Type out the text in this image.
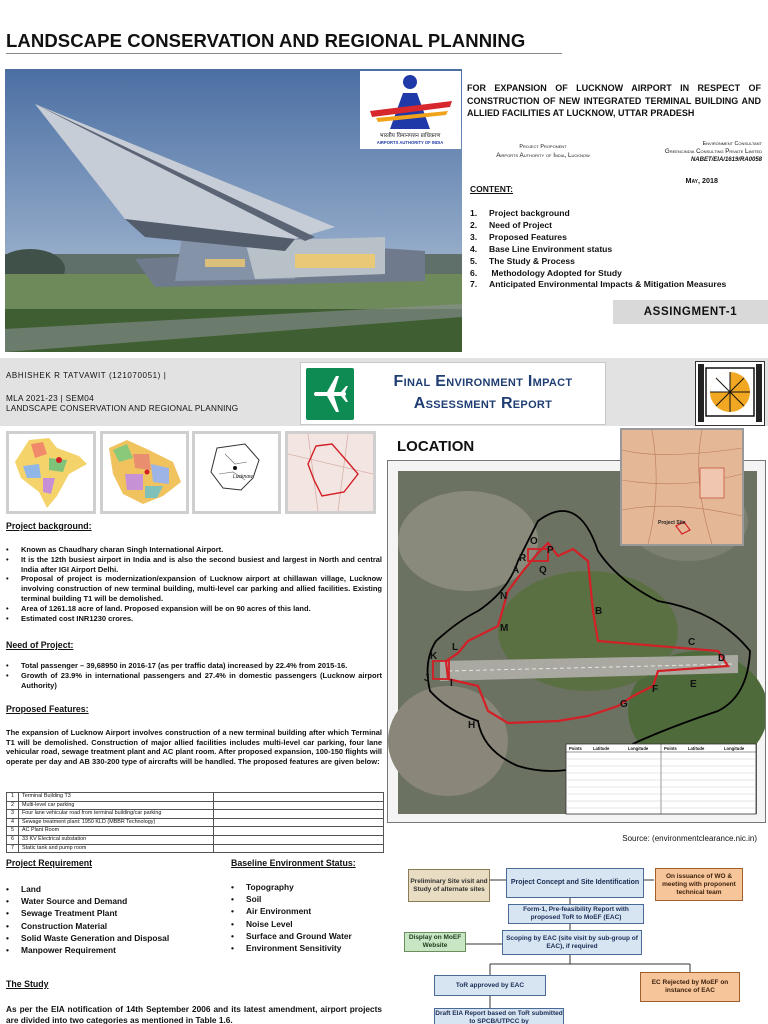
LANDSCAPE CONSERVATION AND REGIONAL PLANNING
भारतीय विमानपत्तन प्राधिकरण
AIRPORTS AUTHORITY OF INDIA
FOR EXPANSION OF LUCKNOW AIRPORT IN RESPECT OF CONSTRUCTION OF NEW INTEGRATED TERMINAL BUILDING AND ALLIED FACILITIES AT LUCKNOW, UTTAR PRADESH
Project Proponent
Airports Authority of India, Lucknow
Environment Consultant
Greencindia Consulting Private Limited
NABET/EIA/1619/RA0058
May, 2018
CONTENT:
1. Project background
2. Need of Project
3. Proposed Features
4. Base Line Environment status
5. The Study & Process
6. Methodology Adopted for Study
7. Anticipated Environmental Impacts & Mitigation Measures
ASSINGMENT-1
ABHISHEK R TATVAWIT (121070051) |
MLA 2021-23 | SEM04
LANDSCAPE CONSERVATION AND REGIONAL PLANNING
Final Environment Impact
Assessment Report
Lucknow
Project background:
• Known as Chaudhary charan Singh International Airport.
• It is the 12th busiest airport in India and is also the second busiest and largest in North and central India after IGI Airport Delhi.
• Proposal of project is modernization/expansion of Lucknow airport at chillawan village, Lucknow involving construction of new terminal building, multi-level car parking and allied facilities. Existing terminal building T1 will be demolished.
• Area of 1261.18 acre of land. Proposed expansion will be on 90 acres of this land.
• Estimated cost INR1230 crores.
Need of Project:
• Total passenger – 39,68950 in 2016-17 (as per traffic data) increased by 22.4% from 2015-16.
• Growth of 23.9% in international passengers and 27.4% in domestic passengers (Lucknow airport Authority)
Proposed Features:
The expansion of Lucknow Airport involves construction of a new terminal building after which Terminal T1 will be demolished. Construction of major allied facilities includes multi-level car parking, four lane vehicular road, sewage treatment plant and AC plant room. After proposed expansion, 100-150 flights will operate per day and AB 330-200 type of aircrafts will be handled. The proposed features are given below:
1	Terminal Building T3	
2	Multi-level car parking	
3	Four lane vehicular road from terminal building/car parking	
4	Sewage treatment plant: 1950 KLD (MBBR Technology)	
5	AC Plant Room	
6	33 KV Electrical substation	
7	Static tank and pump room	
Project Requirement
• Land
• Water Source and Demand
• Sewage Treatment Plant
• Construction Material
• Solid Waste Generation and Disposal
• Manpower Requirement
Baseline Environment Status:
• Topography
• Soil
• Air Environment
• Noise Level
• Surface and Ground Water
• Environment Sensitivity
The Study
As per the EIA notification of 14th September 2006 and its latest amendment, airport projects are divided into two categories as mentioned in Table 1.6.
LOCATION
O
P
R
A Q
N
B
M
L
K
J I
C
D
E
F
G
H
Points	Latitude	Longitude	Points	Latitude	Longitude
Project Site
Source: (environmentclearance.nic.in)
Preliminary Site visit and Study of alternate sites
Project Concept and Site Identification
On issuance of WO & meeting with proponent technical team
Form-1, Pre-feasibility Report with proposed ToR to MoEF (EAC)
Display on MoEF Website
Scoping by EAC (site visit by sub-group of EAC), if required
ToR approved by EAC	EC Rejected by MoEF on instance of EAC
Draft EIA Report based on ToR submitted to SPCB/UTPCC by
